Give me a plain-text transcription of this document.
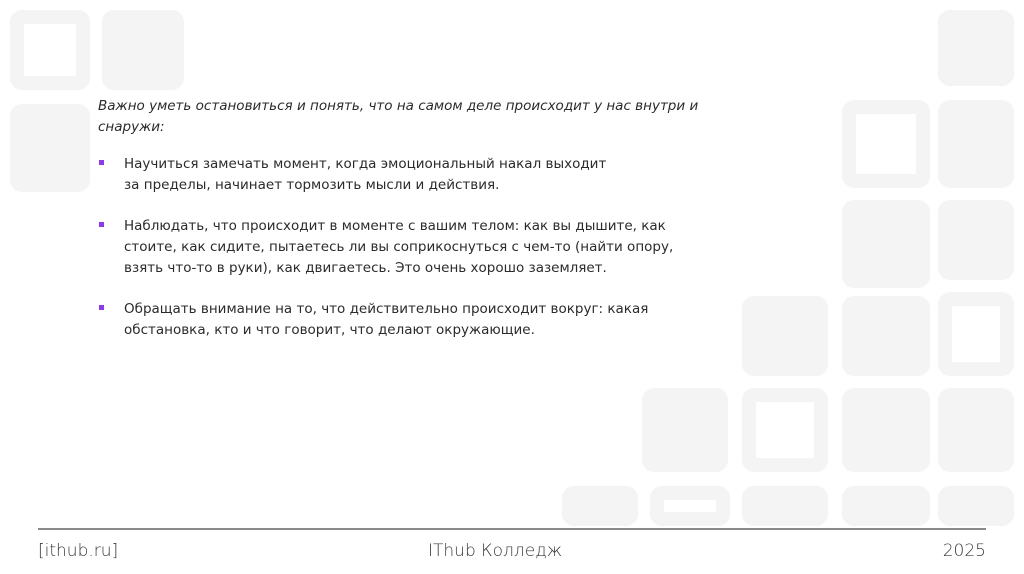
Важно уметь остановиться и понять, что на самом деле происходит у нас внутри и снаружи:

Научиться замечать момент, когда эмоциональный накал выходит
за пределы, начинает тормозить мысли и действия.
Наблюдать, что происходит в моменте с вашим телом: как вы дышите, как
стоите, как сидите, пытаетесь ли вы соприкоснуться с чем-то (найти опору,
взять что-то в руки), как двигаетесь. Это очень хорошо заземляет.
Обращать внимание на то, что действительно происходит вокруг: какая
обстановка, кто и что говорит, что делают окружающие.
[ithub.ru]	IThub Колледж	2025
